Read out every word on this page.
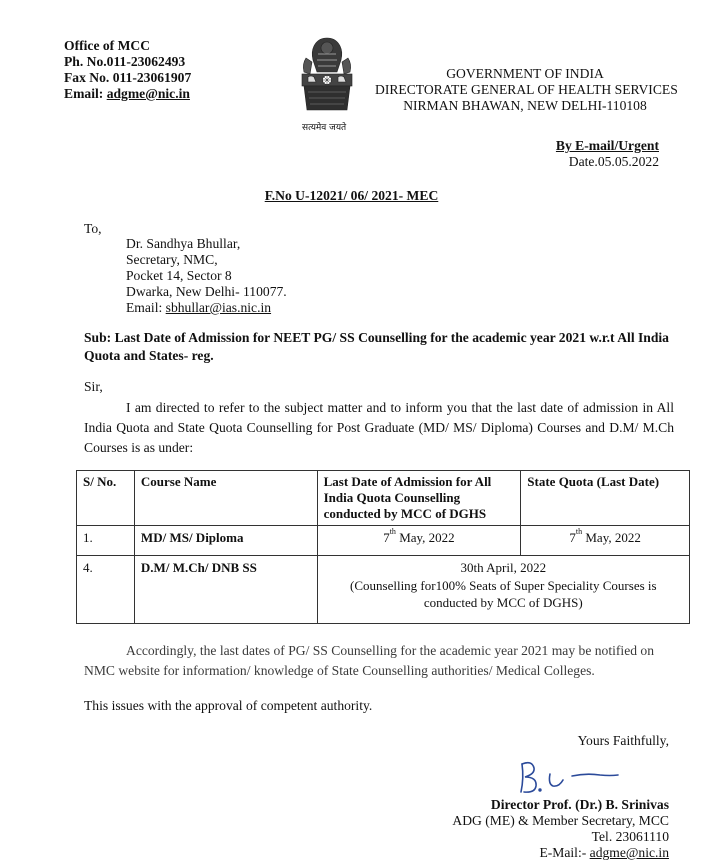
Office of MCC
Ph. No.011-23062493
Fax No. 011-23061907
Email: adgme@nic.in
सत्यमेव जयते
GOVERNMENT OF INDIA
DIRECTORATE GENERAL OF HEALTH SERVICES
NIRMAN BHAWAN, NEW DELHI-110108
By E-mail/Urgent
Date.05.05.2022
F.No U-12021/ 06/ 2021- MEC
To,
Dr. Sandhya Bhullar,
Secretary, NMC,
Pocket 14, Sector 8
Dwarka, New Delhi- 110077.
Email: sbhullar@ias.nic.in
Sub: Last Date of Admission for NEET PG/ SS Counselling for the academic year 2021 w.r.t All India Quota and States- reg.
Sir,
I am directed to refer to the subject matter and to inform you that the last date of admission in All India Quota and State Quota Counselling for Post Graduate (MD/ MS/ Diploma) Courses and D.M/ M.Ch Courses is as under:
S/ No.	Course Name	Last Date of Admission for All India Quota Counselling conducted by MCC of DGHS	State Quota (Last Date)
1.	MD/ MS/ Diploma	7th May, 2022	7th May, 2022
4.	D.M/ M.Ch/ DNB SS	30th April, 2022
(Counselling for100% Seats of Super Speciality Courses is conducted by MCC of DGHS)	
Accordingly, the last dates of PG/ SS Counselling for the academic year 2021 may be notified on NMC website for information/ knowledge of State Counselling authorities/ Medical Colleges.
This issues with the approval of competent authority.
Yours Faithfully,
Director Prof. (Dr.) B. Srinivas
ADG (ME) & Member Secretary, MCC
Tel. 23061110
E-Mail:- adgme@nic.in
